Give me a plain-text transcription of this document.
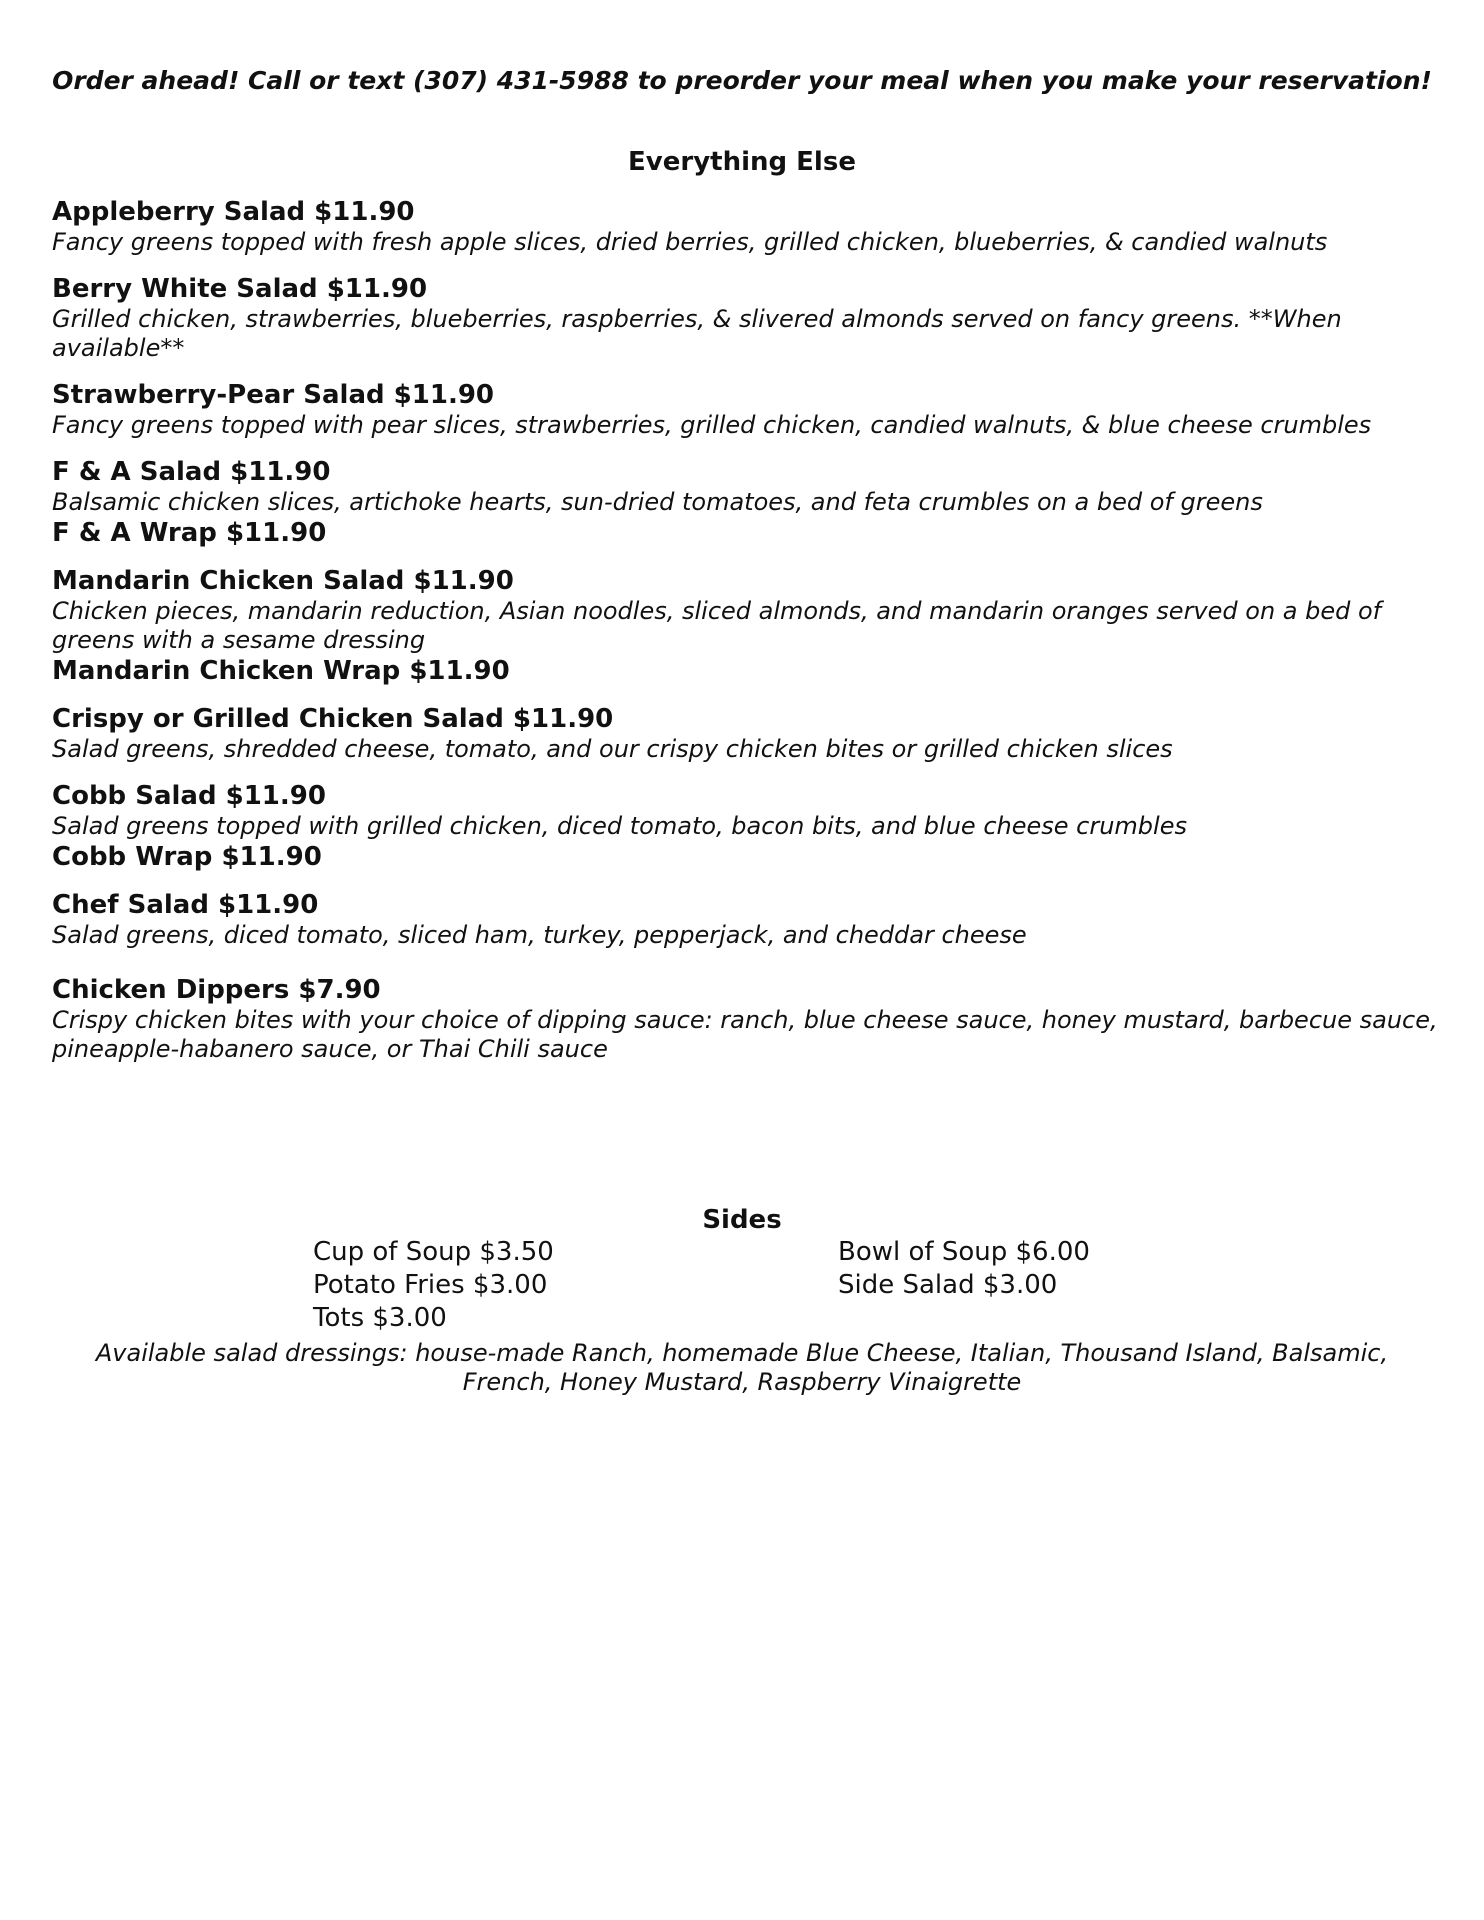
Order ahead! Call or text (307) 431-5988 to preorder your meal when you make your reservation!
Everything Else
Appleberry Salad $11.90
Fancy greens topped with fresh apple slices, dried berries, grilled chicken, blueberries, & candied walnuts
Berry White Salad $11.90
Grilled chicken, strawberries, blueberries, raspberries, & slivered almonds served on fancy greens. **When available**
Strawberry-Pear Salad $11.90
Fancy greens topped with pear slices, strawberries, grilled chicken, candied walnuts, & blue cheese crumbles
F & A Salad $11.90
Balsamic chicken slices, artichoke hearts, sun-dried tomatoes, and feta crumbles on a bed of greens
F & A Wrap $11.90
Mandarin Chicken Salad $11.90
Chicken pieces, mandarin reduction, Asian noodles, sliced almonds, and mandarin oranges served on a bed of greens with a sesame dressing
Mandarin Chicken Wrap $11.90
Crispy or Grilled Chicken Salad $11.90
Salad greens, shredded cheese, tomato, and our crispy chicken bites or grilled chicken slices
Cobb Salad $11.90
Salad greens topped with grilled chicken, diced tomato, bacon bits, and blue cheese crumbles
Cobb Wrap $11.90
Chef Salad $11.90
Salad greens, diced tomato, sliced ham, turkey, pepperjack, and cheddar cheese
Chicken Dippers $7.90
Crispy chicken bites with your choice of dipping sauce: ranch, blue cheese sauce, honey mustard, barbecue sauce, pineapple-habanero sauce, or Thai Chili sauce
Sides
Cup of Soup $3.50
Potato Fries $3.00
Tots $3.00
Bowl of Soup $6.00
Side Salad $3.00
Available salad dressings: house-made Ranch, homemade Blue Cheese, Italian, Thousand Island, Balsamic, French, Honey Mustard, Raspberry Vinaigrette
